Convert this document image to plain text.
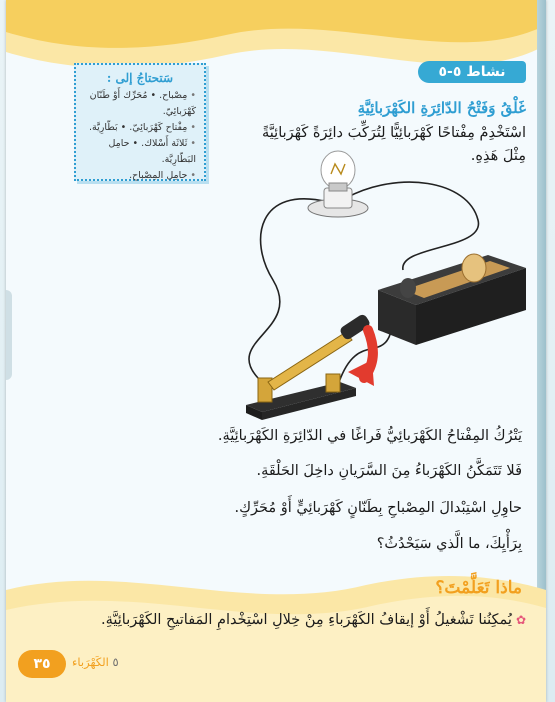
نشاط ٥-٥
غَلْقُ وَفَتْحُ الدّائِرَةِ الكَهْرَبائِيَّةِ
اسْتَخْدِمْ مِفْتاحًا كَهْرَبائِيًّا لِتُرَكِّبَ دائِرَةً كَهْرَبائِيَّةً
مِثْلَ هَذِهِ.
سَتحتاجُ إلى :
• مِصْباح. • مُحَرِّك أَوْ طَنّان كَهْرَبائِيّ.
• مِفْتاح كَهْرَبائِيّ. • بَطّارِيَّة.
• ثَلاثَة أَسْلاك. • حامِل البَطّارِيَّة.
• حامِل المِصْباح.
يَتْرُكُ المِفْتاحُ الكَهْرَبائِيُّ فَراغًا في الدّائِرَةِ الكَهْرَبائِيَّةِ.
فَلا تَتَمَكَّنُ الكَهْرَباءُ مِنَ السَّرَيانِ داخِلَ الحَلْقَةِ.
حاوِلِ اسْتِبْدالَ المِصْباحِ بِطَنّانٍ كَهْرَبائِيٍّ أَوْ مُحَرِّكٍ.
بِرَأْيِكَ، ما الَّذي سَيَحْدُثُ؟
ماذا تَعَلَّمْتَ؟
✿يُمكِنُنا تَشْغيلُ أَوْ إيقافُ الكَهْرَباءِ مِنْ خِلالِ اسْتِخْدامِ المَفاتيحِ الكَهْرَبائِيَّةِ.
٣٥	٥ الكَهْرَباء
